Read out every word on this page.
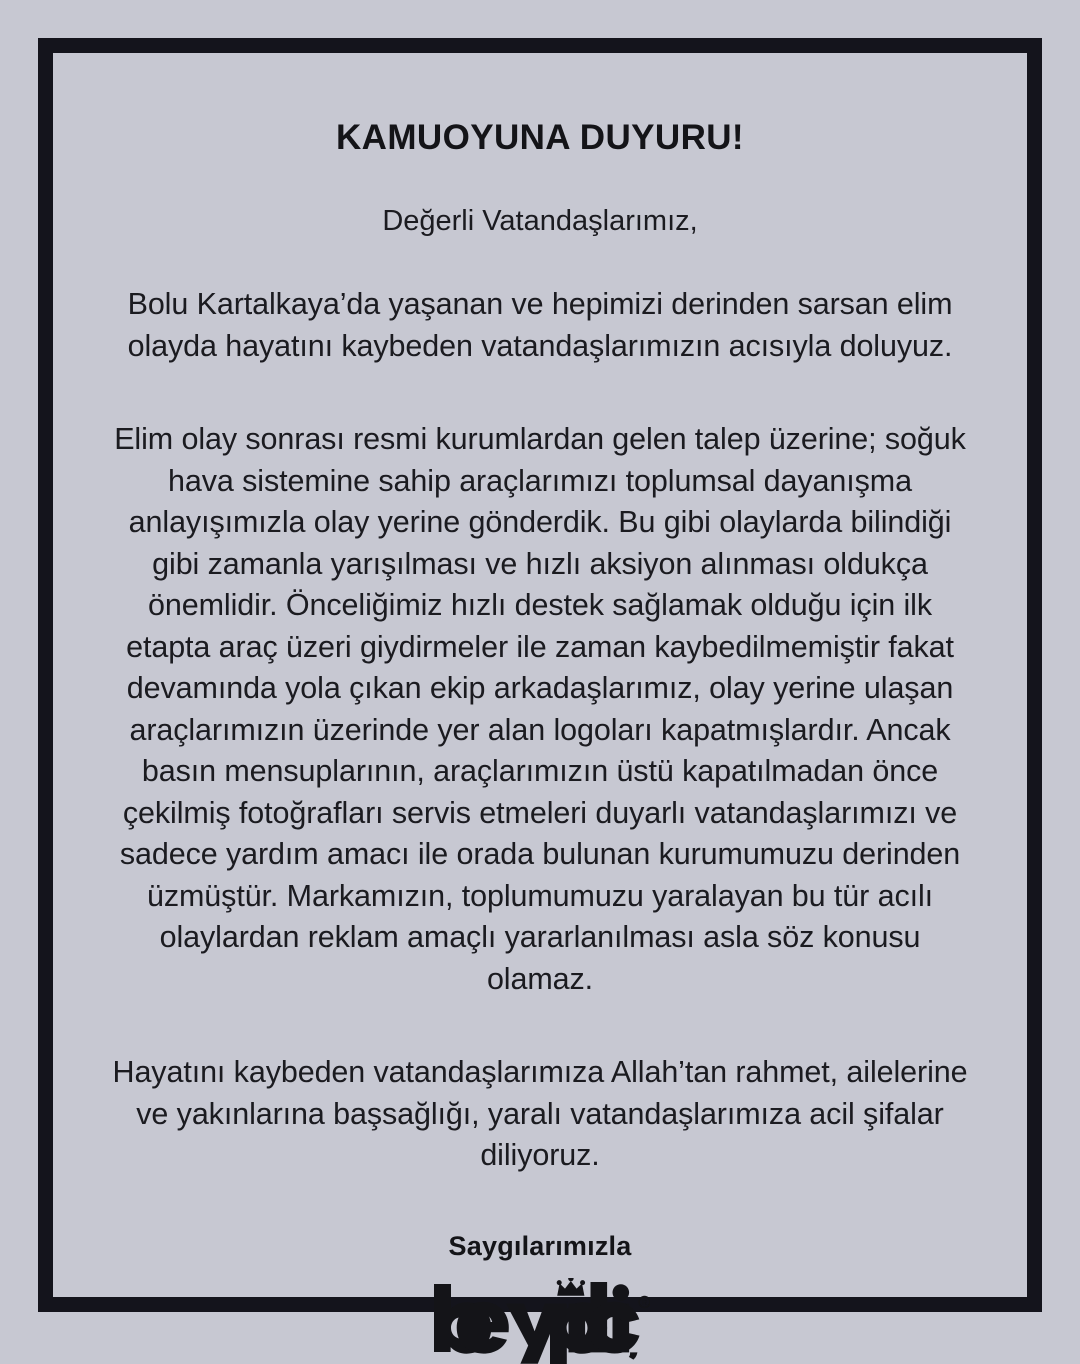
KAMUOYUNA DUYURU!

Değerli Vatandaşlarımız,

Bolu Kartalkaya’da yaşanan ve hepimizi derinden sarsan elim olayda hayatını kaybeden vatandaşlarımızın acısıyla doluyuz.

Elim olay sonrası resmi kurumlardan gelen talep üzerine; soğuk hava sistemine sahip araçlarımızı toplumsal dayanışma anlayışımızla olay yerine gönderdik. Bu gibi olaylarda bilindiği gibi zamanla yarışılması ve hızlı aksiyon alınması oldukça önemlidir. Önceliğimiz hızlı destek sağlamak olduğu için ilk etapta araç üzeri giydirmeler ile zaman kaybedilmemiştir fakat devamında yola çıkan ekip arkadaşlarımız, olay yerine ulaşan araçlarımızın üzerinde yer alan logoları kapatmışlardır. Ancak basın mensuplarının, araçlarımızın üstü kapatılmadan önce çekilmiş fotoğrafları servis etmeleri duyarlı vatandaşlarımızı ve sadece yardım amacı ile orada bulunan kurumumuzu derinden üzmüştür. Markamızın, toplumumuzu yaralayan bu tür acılı olaylardan reklam amaçlı yararlanılması asla söz konusu olamaz.

Hayatını kaybeden vatandaşlarımıza Allah’tan rahmet, ailelerine ve yakınlarına başsağlığı, yaralı vatandaşlarımıza acil şifalar diliyoruz.

Saygılarımızla

R
